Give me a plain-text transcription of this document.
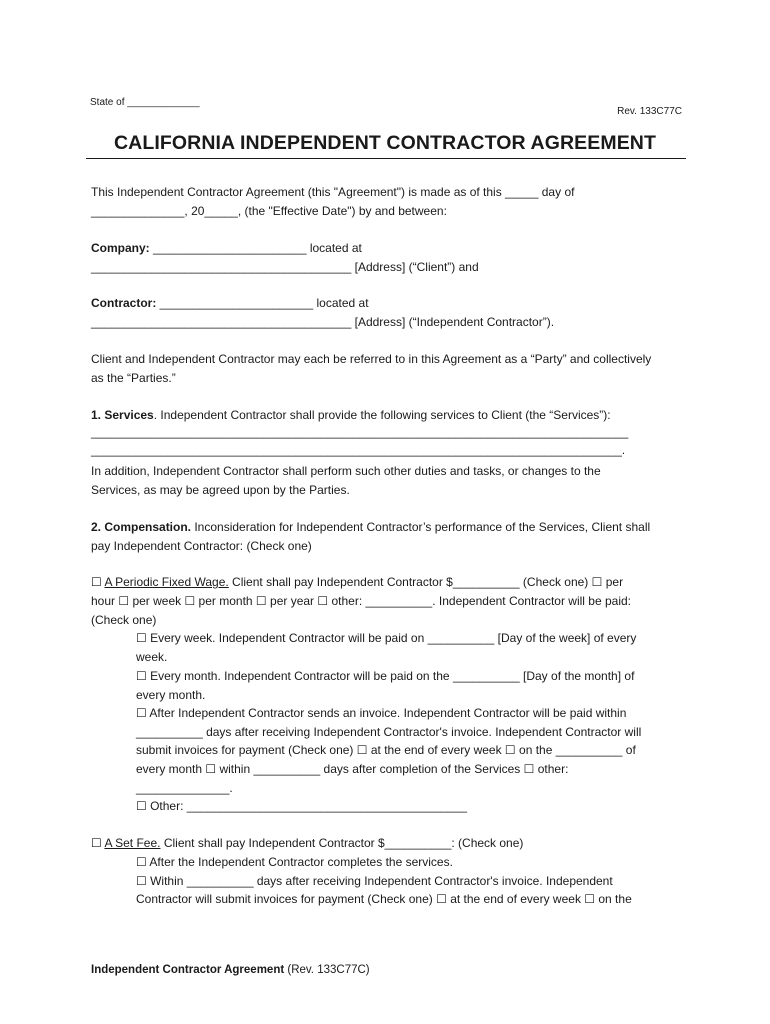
State of _____________
Rev. 133C77C
CALIFORNIA INDEPENDENT CONTRACTOR AGREEMENT
This Independent Contractor Agreement (this "Agreement") is made as of this _____ day of
______________, 20_____, (the "Effective Date") by and between:
Company: _______________________ located at
_______________________________________ [Address] (“Client”) and
Contractor: _______________________ located at
_______________________________________ [Address] (“Independent Contractor”).
Client and Independent Contractor may each be referred to in this Agreement as a “Party” and collectively
as the “Parties.”
1. Services. Independent Contractor shall provide the following services to Client (the “Services”):
____________________________________________________________________________________
___________________________________________________________________________________.
In addition, Independent Contractor shall perform such other duties and tasks, or changes to the
Services, as may be agreed upon by the Parties.
2. Compensation. Inconsideration for Independent Contractor’s performance of the Services, Client shall
pay Independent Contractor: (Check one)
☐ A Periodic Fixed Wage. Client shall pay Independent Contractor $__________ (Check one) ☐ per
hour ☐ per week ☐ per month ☐ per year ☐ other: __________. Independent Contractor will be paid:
(Check one)
☐ Every week. Independent Contractor will be paid on __________ [Day of the week] of every
week.
☐ Every month. Independent Contractor will be paid on the __________ [Day of the month] of
every month.
☐ After Independent Contractor sends an invoice. Independent Contractor will be paid within
__________ days after receiving Independent Contractor's invoice. Independent Contractor will
submit invoices for payment (Check one) ☐ at the end of every week ☐ on the __________ of
every month ☐ within __________ days after completion of the Services ☐ other:
______________.
☐ Other: __________________________________________
☐ A Set Fee. Client shall pay Independent Contractor $__________: (Check one)
☐ After the Independent Contractor completes the services.
☐ Within __________ days after receiving Independent Contractor's invoice. Independent
Contractor will submit invoices for payment (Check one) ☐ at the end of every week ☐ on the
Independent Contractor Agreement (Rev. 133C77C)
